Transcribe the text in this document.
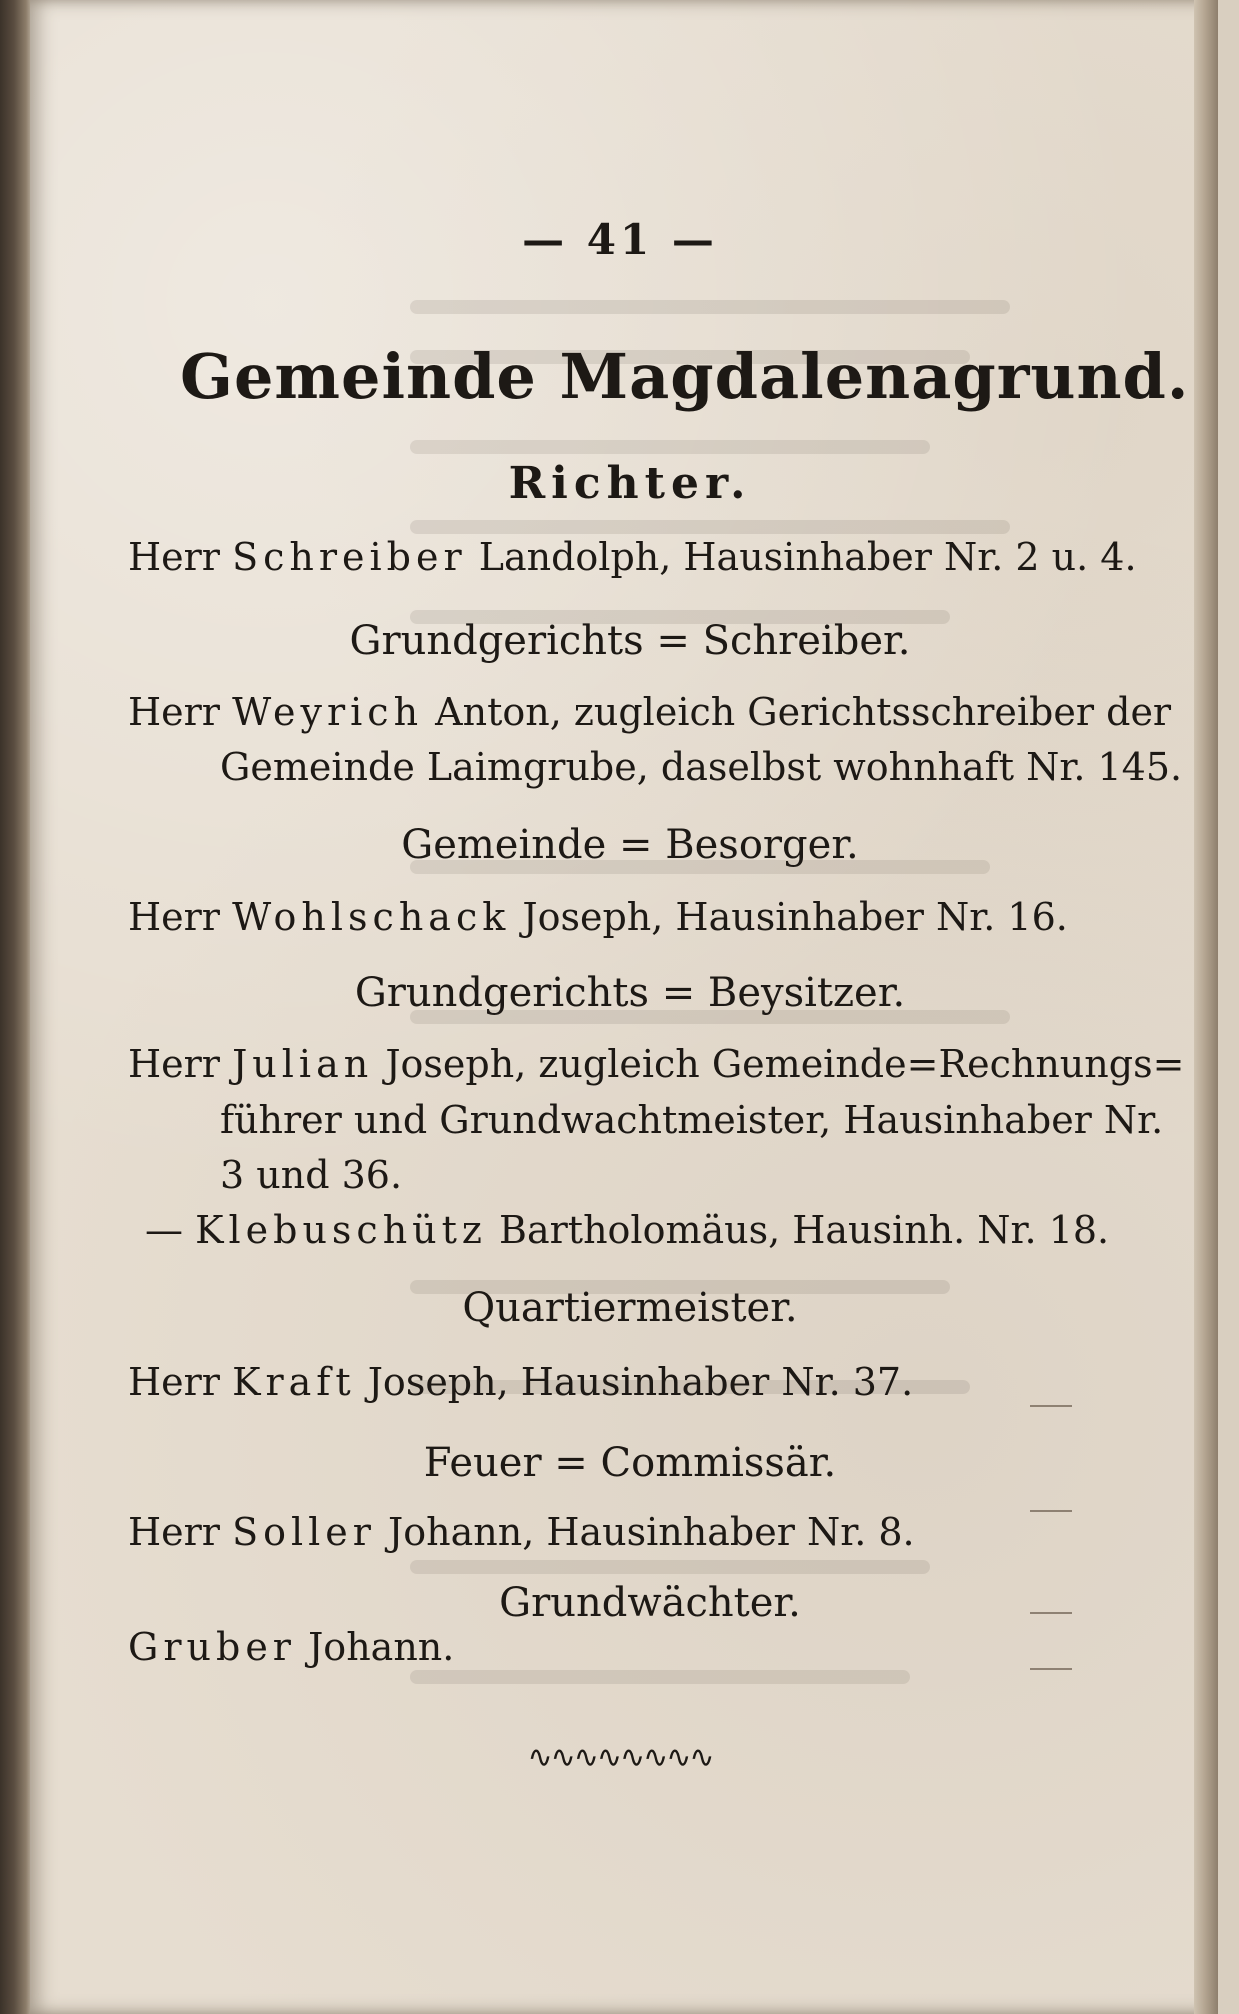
— 41 —
Gemeinde Magdalenagrund.
Richter.
Herr Schreiber Landolph, Hausinhaber Nr. 2 u. 4.
Grundgerichts = Schreiber.
Herr Weyrich Anton, zugleich Gerichtsschreiber der
Gemeinde Laimgrube, daselbst wohnhaft Nr. 145.
Gemeinde = Besorger.
Herr Wohlschack Joseph, Hausinhaber Nr. 16.
Grundgerichts = Beysitzer.
Herr Julian Joseph, zugleich Gemeinde=Rechnungs=
führer und Grundwachtmeister, Hausinhaber Nr.
3 und 36.
— Klebuschütz Bartholomäus, Hausinh. Nr. 18.
Quartiermeister.
Herr Kraft Joseph, Hausinhaber Nr. 37.
Feuer = Commissär.
Herr Soller Johann, Hausinhaber Nr. 8.
Grundwächter.
Gruber Johann.
∿∿∿∿∿∿∿∿
